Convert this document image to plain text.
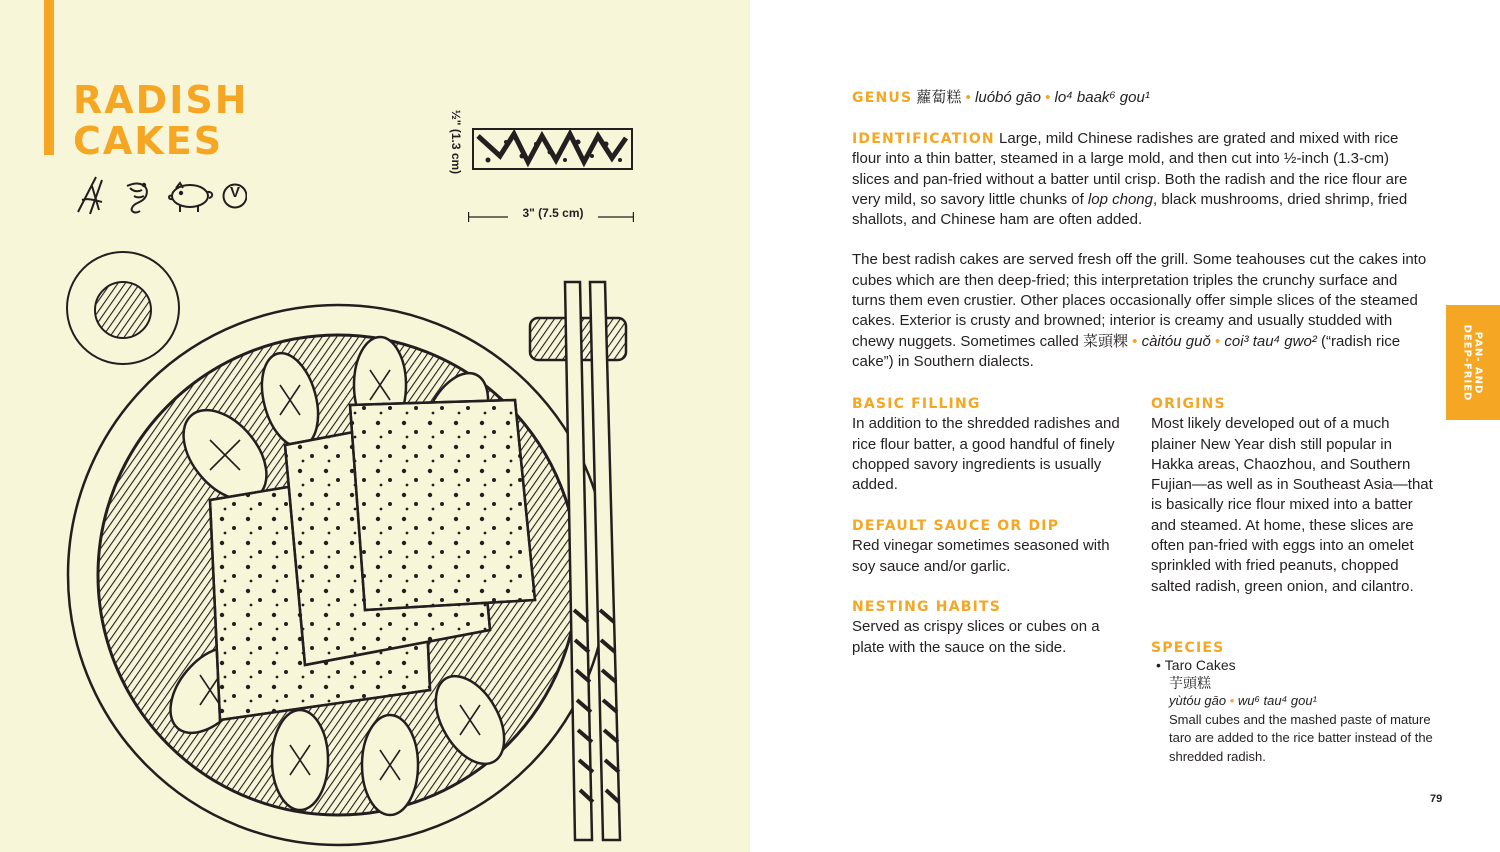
RADISH
CAKES
V
½" (1.3 cm)
3" (7.5 cm)
GENUS 蘿蔔糕 • luóbó gāo • lo⁴ baak⁶ gou¹

IDENTIFICATION Large, mild Chinese radishes are grated and mixed with rice flour into a thin batter, steamed in a large mold, and then cut into ½-inch (1.3-cm) slices and pan-fried without a batter until crisp. Both the radish and the rice flour are very mild, so savory little chunks of lop chong, black mushrooms, dried shrimp, fried shallots, and Chinese ham are often added.

The best radish cakes are served fresh off the grill. Some teahouses cut the cakes into cubes which are then deep-fried; this interpretation triples the crunchy surface and turns them even crustier. Other places occasionally offer simple slices of the steamed cakes. Exterior is crusty and browned; interior is creamy and usually studded with chewy nuggets. Sometimes called 菜頭粿 • càitóu guǒ • coi³ tau⁴ gwo² (“radish rice cake”) in Southern dialects.

BASIC FILLING

In addition to the shredded radishes and rice flour batter, a good handful of finely chopped savory ingredients is usually added.

DEFAULT SAUCE OR DIP

Red vinegar sometimes seasoned with soy sauce and/or garlic.

NESTING HABITS

Served as crispy slices or cubes on a plate with the sauce on the side.

ORIGINS

Most likely developed out of a much plainer New Year dish still popular in Hakka areas, Chaozhou, and Southern Fujian—as well as in Southeast Asia—that is basically rice flour mixed into a batter and steamed. At home, these slices are often pan-fried with eggs into an omelet sprinkled with fried peanuts, chopped salted radish, green onion, and cilantro.

SPECIES
• Taro Cakes
芋頭糕
yùtóu gāo • wu⁶ tau⁴ gou¹
Small cubes and the mashed paste of mature taro are added to the rice batter instead of the shredded radish.
PAN- AND
DEEP-FRIED
79
